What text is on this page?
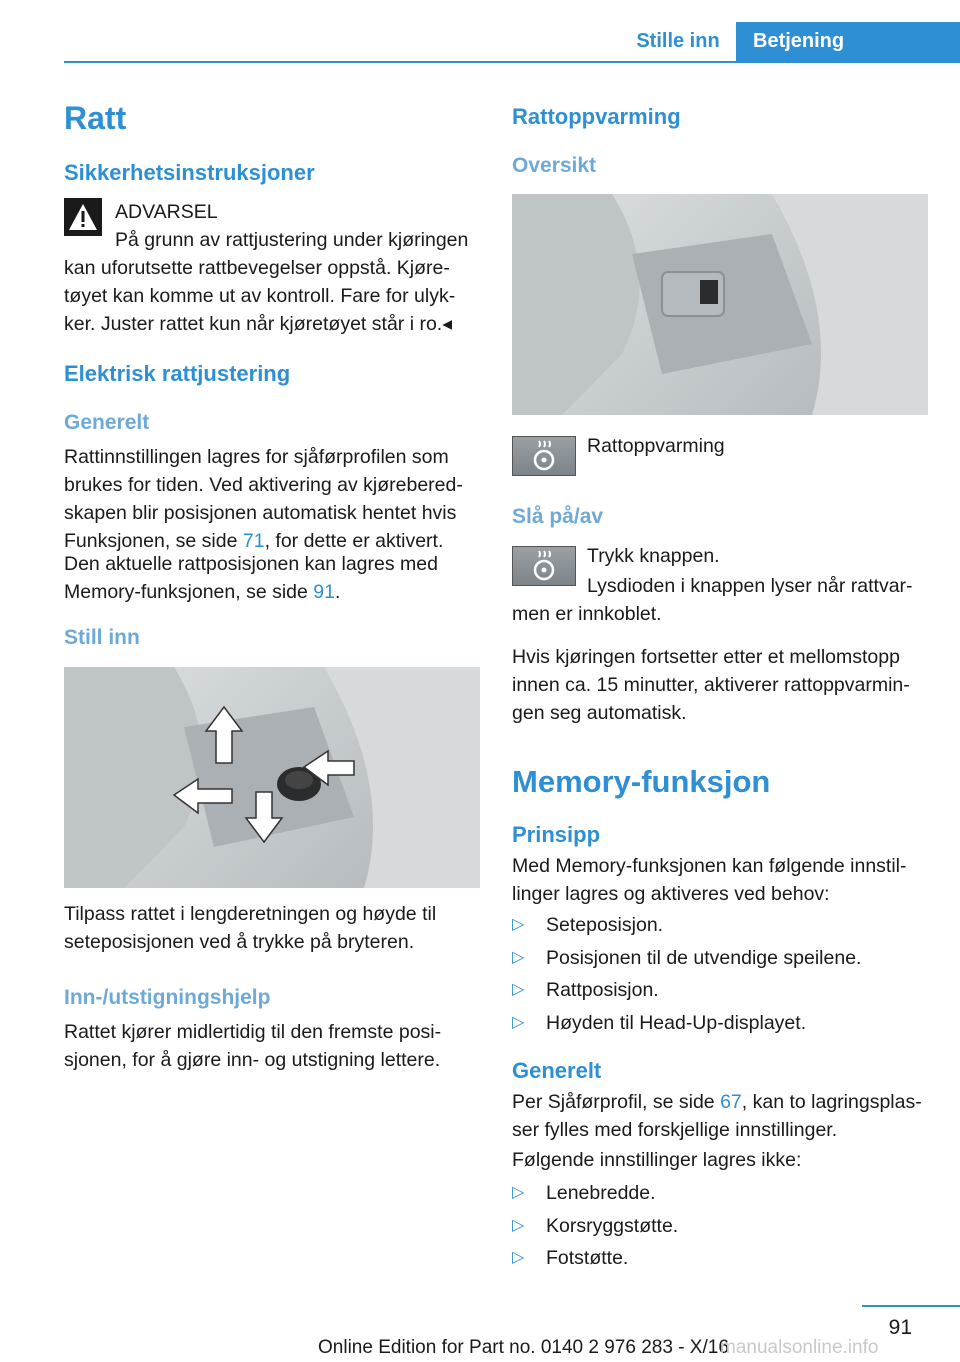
Stille inn	Betjening
Ratt
Sikkerhetsinstruksjoner
ADVARSEL
På grunn av rattjustering under kjøringen kan uforutsette rattbevegelser oppstå. Kjøre- tøyet kan komme ut av kontroll. Fare for ulyk- ker. Juster rattet kun når kjøretøyet står i ro.◂
Elektrisk rattjustering
Generelt
Rattinnstillingen lagres for sjåførprofilen som brukes for tiden. Ved aktivering av kjørebered- skapen blir posisjonen automatisk hentet hvis Funksjonen, se side 71, for dette er aktivert.
Den aktuelle rattposisjonen kan lagres med Memory-funksjonen, se side 91.
Still inn
Tilpass rattet i lengderetningen og høyde til seteposisjonen ved å trykke på bryteren.
Inn-/utstigningshjelp
Rattet kjører midlertidig til den fremste posi- sjonen, for å gjøre inn- og utstigning lettere.
Rattoppvarming
Oversikt
Rattoppvarming
Slå på/av
Trykk knappen.
Lysdioden i knappen lyser når rattvar- men er innkoblet.
Hvis kjøringen fortsetter etter et mellomstopp innen ca. 15 minutter, aktiverer rattoppvarmin- gen seg automatisk.
Memory-funksjon
Prinsipp
Med Memory-funksjonen kan følgende innstil- linger lagres og aktiveres ved behov:
▷ Seteposisjon.
▷ Posisjonen til de utvendige speilene.
▷ Rattposisjon.
▷ Høyden til Head-Up-displayet.
Generelt
Per Sjåførprofil, se side 67, kan to lagringsplas- ser fylles med forskjellige innstillinger.
Følgende innstillinger lagres ikke:
▷ Lenebredde.
▷ Korsryggstøtte.
▷ Fotstøtte.
91
Online Edition for Part no. 0140 2 976 283 - X/16
manualsonline.info
